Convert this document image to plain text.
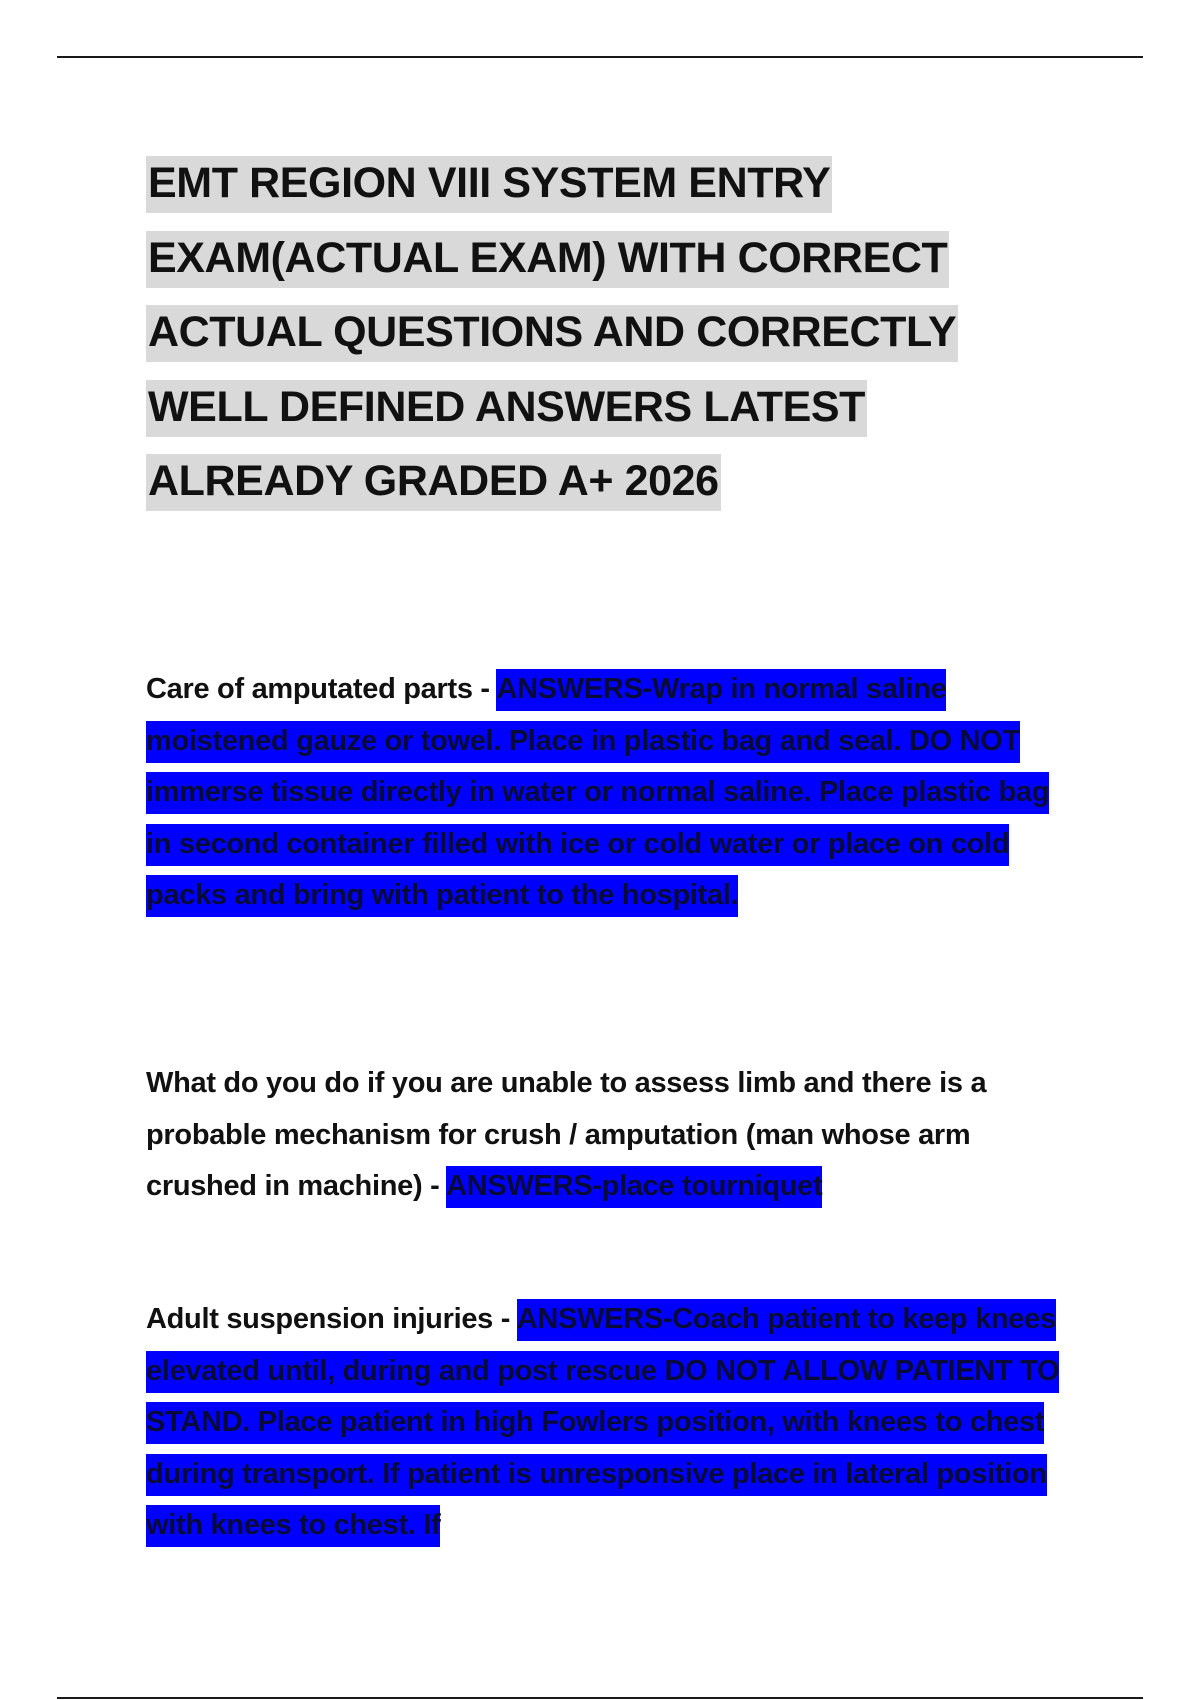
EMT REGION VIII SYSTEM ENTRY EXAM(ACTUAL EXAM) WITH CORRECT ACTUAL QUESTIONS AND CORRECTLY WELL DEFINED ANSWERS LATEST ALREADY GRADED A+ 2026

Care of amputated parts - ANSWERS-Wrap in normal saline moistened gauze or towel. Place in plastic bag and seal. DO NOT immerse tissue directly in water or normal saline. Place plastic bag in second container filled with ice or cold water or place on cold packs and bring with patient to the hospital.

What do you do if you are unable to assess limb and there is a probable mechanism for crush / amputation (man whose arm crushed in machine) - ANSWERS-place tourniquet

Adult suspension injuries - ANSWERS-Coach patient to keep knees elevated until, during and post rescue DO NOT ALLOW PATIENT TO STAND. Place patient in high Fowlers position, with knees to chest during transport. If patient is unresponsive place in lateral position with knees to chest. If
